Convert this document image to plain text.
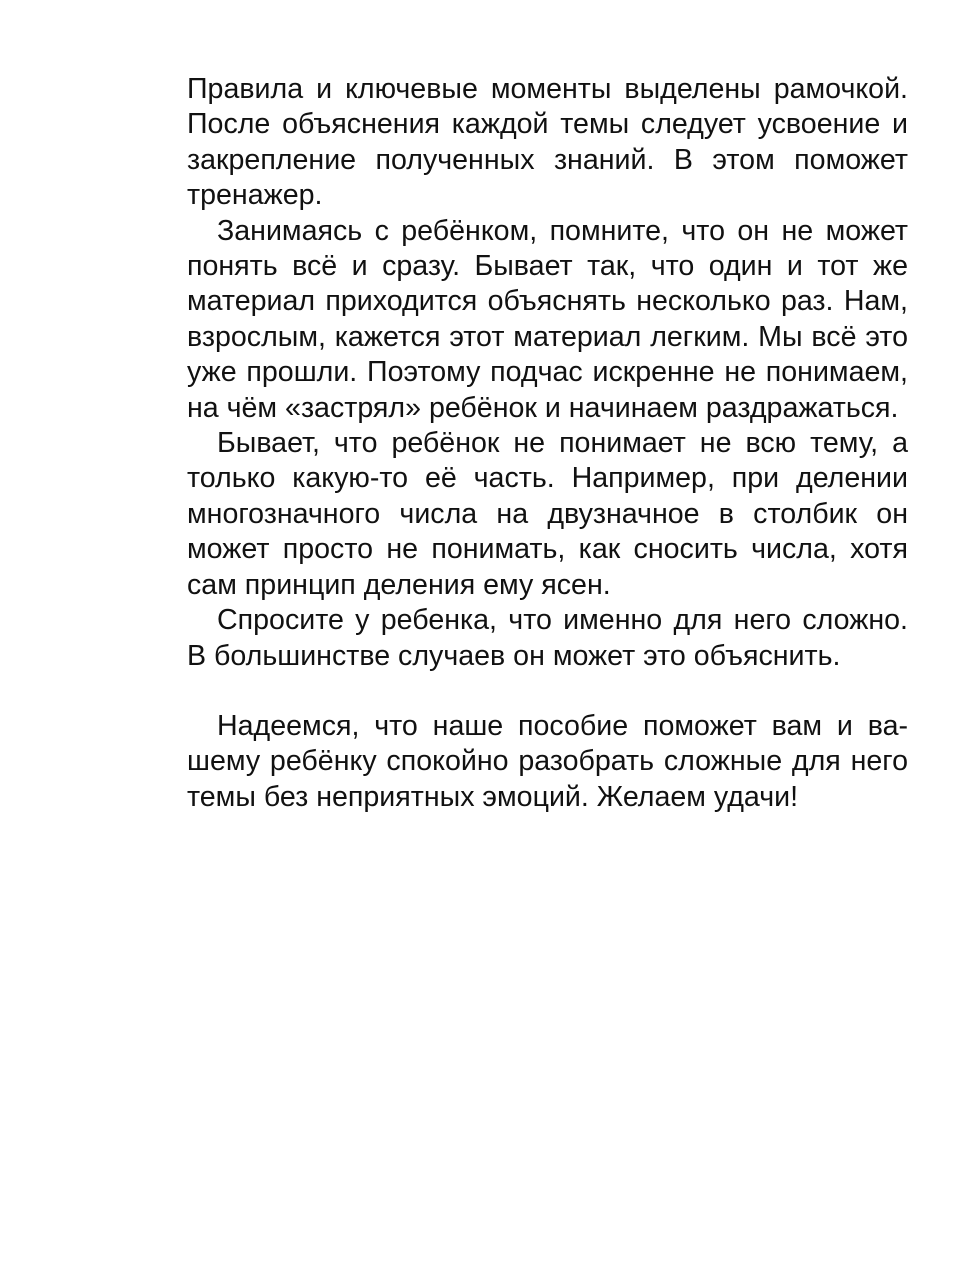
Правила и ключевые моменты выделены рамочкой. После объяснения каждой темы следует усвоение и закрепление полученных знаний. В этом поможет тренажер.

Занимаясь с ребёнком, помните, что он не может понять всё и сразу. Бывает так, что один и тот же материал приходится объяснять несколько раз. Нам, взрослым, кажется этот материал легким. Мы всё это уже прошли. Поэтому подчас искренне не понимаем, на чём «застрял» ребёнок и начинаем раздражаться.

Бывает, что ребёнок не понимает не всю тему, а только какую-то её часть. Например, при делении многозначного числа на двузначное в столбик он может просто не понимать, как сносить числа, хотя сам принцип деления ему ясен.

Спросите у ребенка, что именно для него сложно. В большинстве случаев он может это объяснить.

Надеемся, что наше пособие поможет вам и вашему ребёнку спокойно разобрать сложные для него темы без неприятных эмоций. Желаем удачи!
